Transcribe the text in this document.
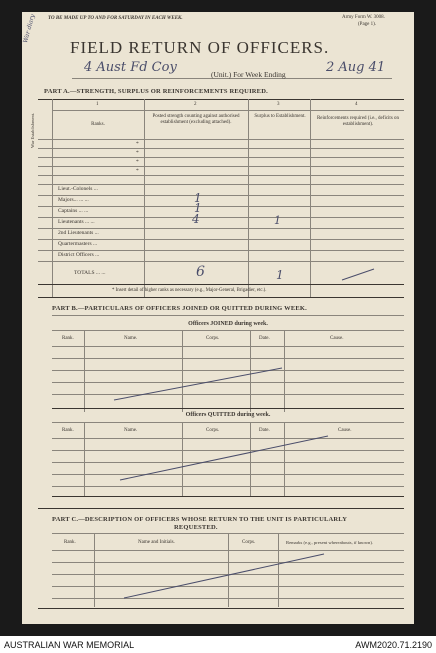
TO BE MADE UP TO AND FOR SATURDAY IN EACH WEEK.	Army Form W. 3008.
(Page 1).
FIELD RETURN OF OFFICERS.
War diary
4 Aust Fd Coy	(Unit.) For Week Ending	2 Aug 41
PART A.—STRENGTH, SURPLUS OR REINFORCEMENTS REQUIRED.
War Establishment.
1	2	3	4
Ranks.
Posted strength counting against authorised establishment (excluding attached).
Surplus to Establishment.	Reinforcements required (i.e., deficits on establishment).
*
*
*
*
Lieut.-Colonels ...
Majors... ... ...	1
Captains ... ...	1
Lieutenants ... ...	4	1
2nd Lieutenants ...
Quartermasters ...
District Officers ...
TOTALS ... ...	6	1
* Insert detail of higher ranks as necessary (e.g., Major-General, Brigadier, etc.).
PART B.—PARTICULARS OF OFFICERS JOINED OR QUITTED DURING WEEK.
Officers JOINED during week.
Rank.	Name.	Corps.	Date.	Cause.
Officers QUITTED during week.
Rank.	Name.	Corps.	Date.	Cause.
PART C.—DESCRIPTION OF OFFICERS WHOSE RETURN TO THE UNIT IS PARTICULARLY
REQUESTED.
Rank.	Name and Initials.	Corps.	Remarks (e.g., present whereabouts, if known).
AUSTRALIAN WAR MEMORIAL	AWM2020.71.2190
